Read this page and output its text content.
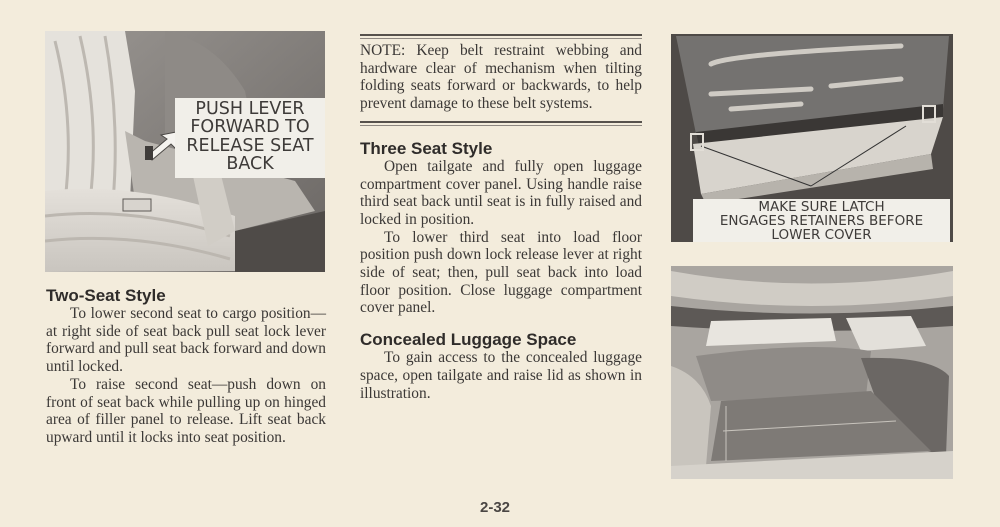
PUSH LEVER
FORWARD TO
RELEASE SEAT
BACK
Two-Seat Style

To lower second seat to cargo position—at right side of seat back pull seat lock lever forward and pull seat back forward and down until locked.

To raise second seat—push down on front of seat back while pulling up on hinged area of filler panel to release. Lift seat back upward until it locks into seat position.

NOTE: Keep belt restraint webbing and hardware clear of mechanism when tilting folding seats forward or backwards, to help prevent damage to these belt systems.

Three Seat Style

Open tailgate and fully open luggage compartment cover panel. Using handle raise third seat back until seat is in fully raised and locked in position.

To lower third seat into load floor position push down lock release lever at right side of seat; then, pull seat back into load floor position. Close luggage compartment cover panel.

Concealed Luggage Space

To gain access to the concealed luggage space, open tailgate and raise lid as shown in illustration.

MAKE SURE LATCH
ENGAGES RETAINERS BEFORE
LOWER COVER
2-32
